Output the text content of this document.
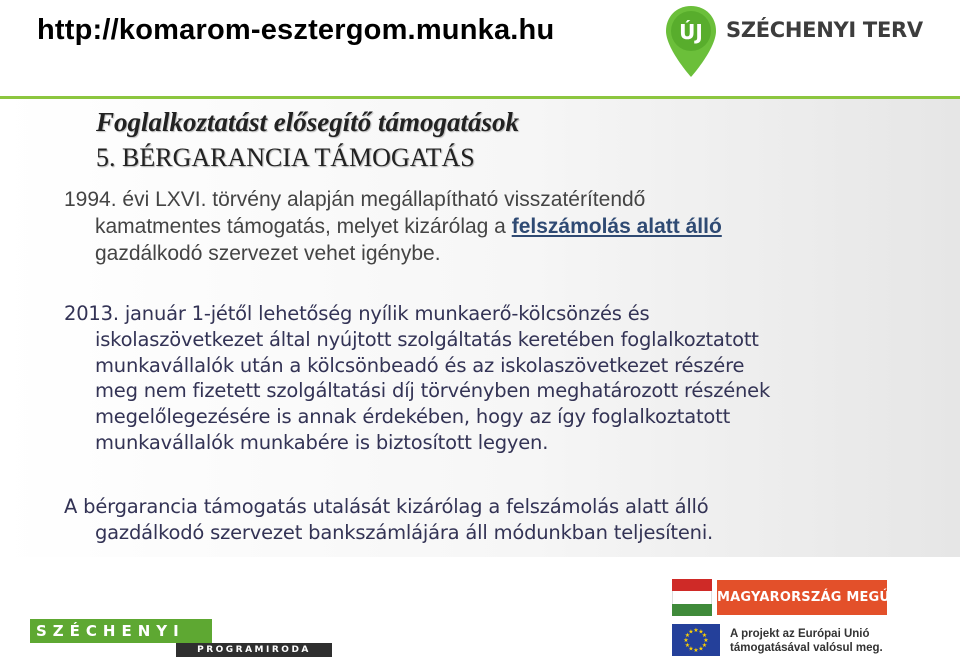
http://komarom-esztergom.munka.hu	ÚJ SZÉCHENYI TERV
Foglalkoztatást elősegítő támogatások
5. BÉRGARANCIA TÁMOGATÁS
1994. évi LXVI. törvény alapján megállapítható visszatérítendő
kamatmentes támogatás, melyet kizárólag a felszámolás alatt álló
gazdálkodó szervezet vehet igénybe.
2013. január 1-jétől lehetőség nyílik munkaerő-kölcsönzés és
iskolaszövetkezet által nyújtott szolgáltatás keretében foglalkoztatott
munkavállalók után a kölcsönbeadó és az iskolaszövetkezet részére
meg nem fizetett szolgáltatási díj törvényben meghatározott részének
megelőlegezésére is annak érdekében, hogy az így foglalkoztatott
munkavállalók munkabére is biztosított legyen.
A bérgarancia támogatás utalását kizárólag a felszámolás alatt álló
gazdálkodó szervezet bankszámlájára áll módunkban teljesíteni.
SZÉCHENYI
PROGRAMIRODA
MAGYARORSZÁG MEGÚJUL
★ ★
★
★
★
★
★
★
★
★
★
★	A projekt az Európai Unió
támogatásával valósul meg.
